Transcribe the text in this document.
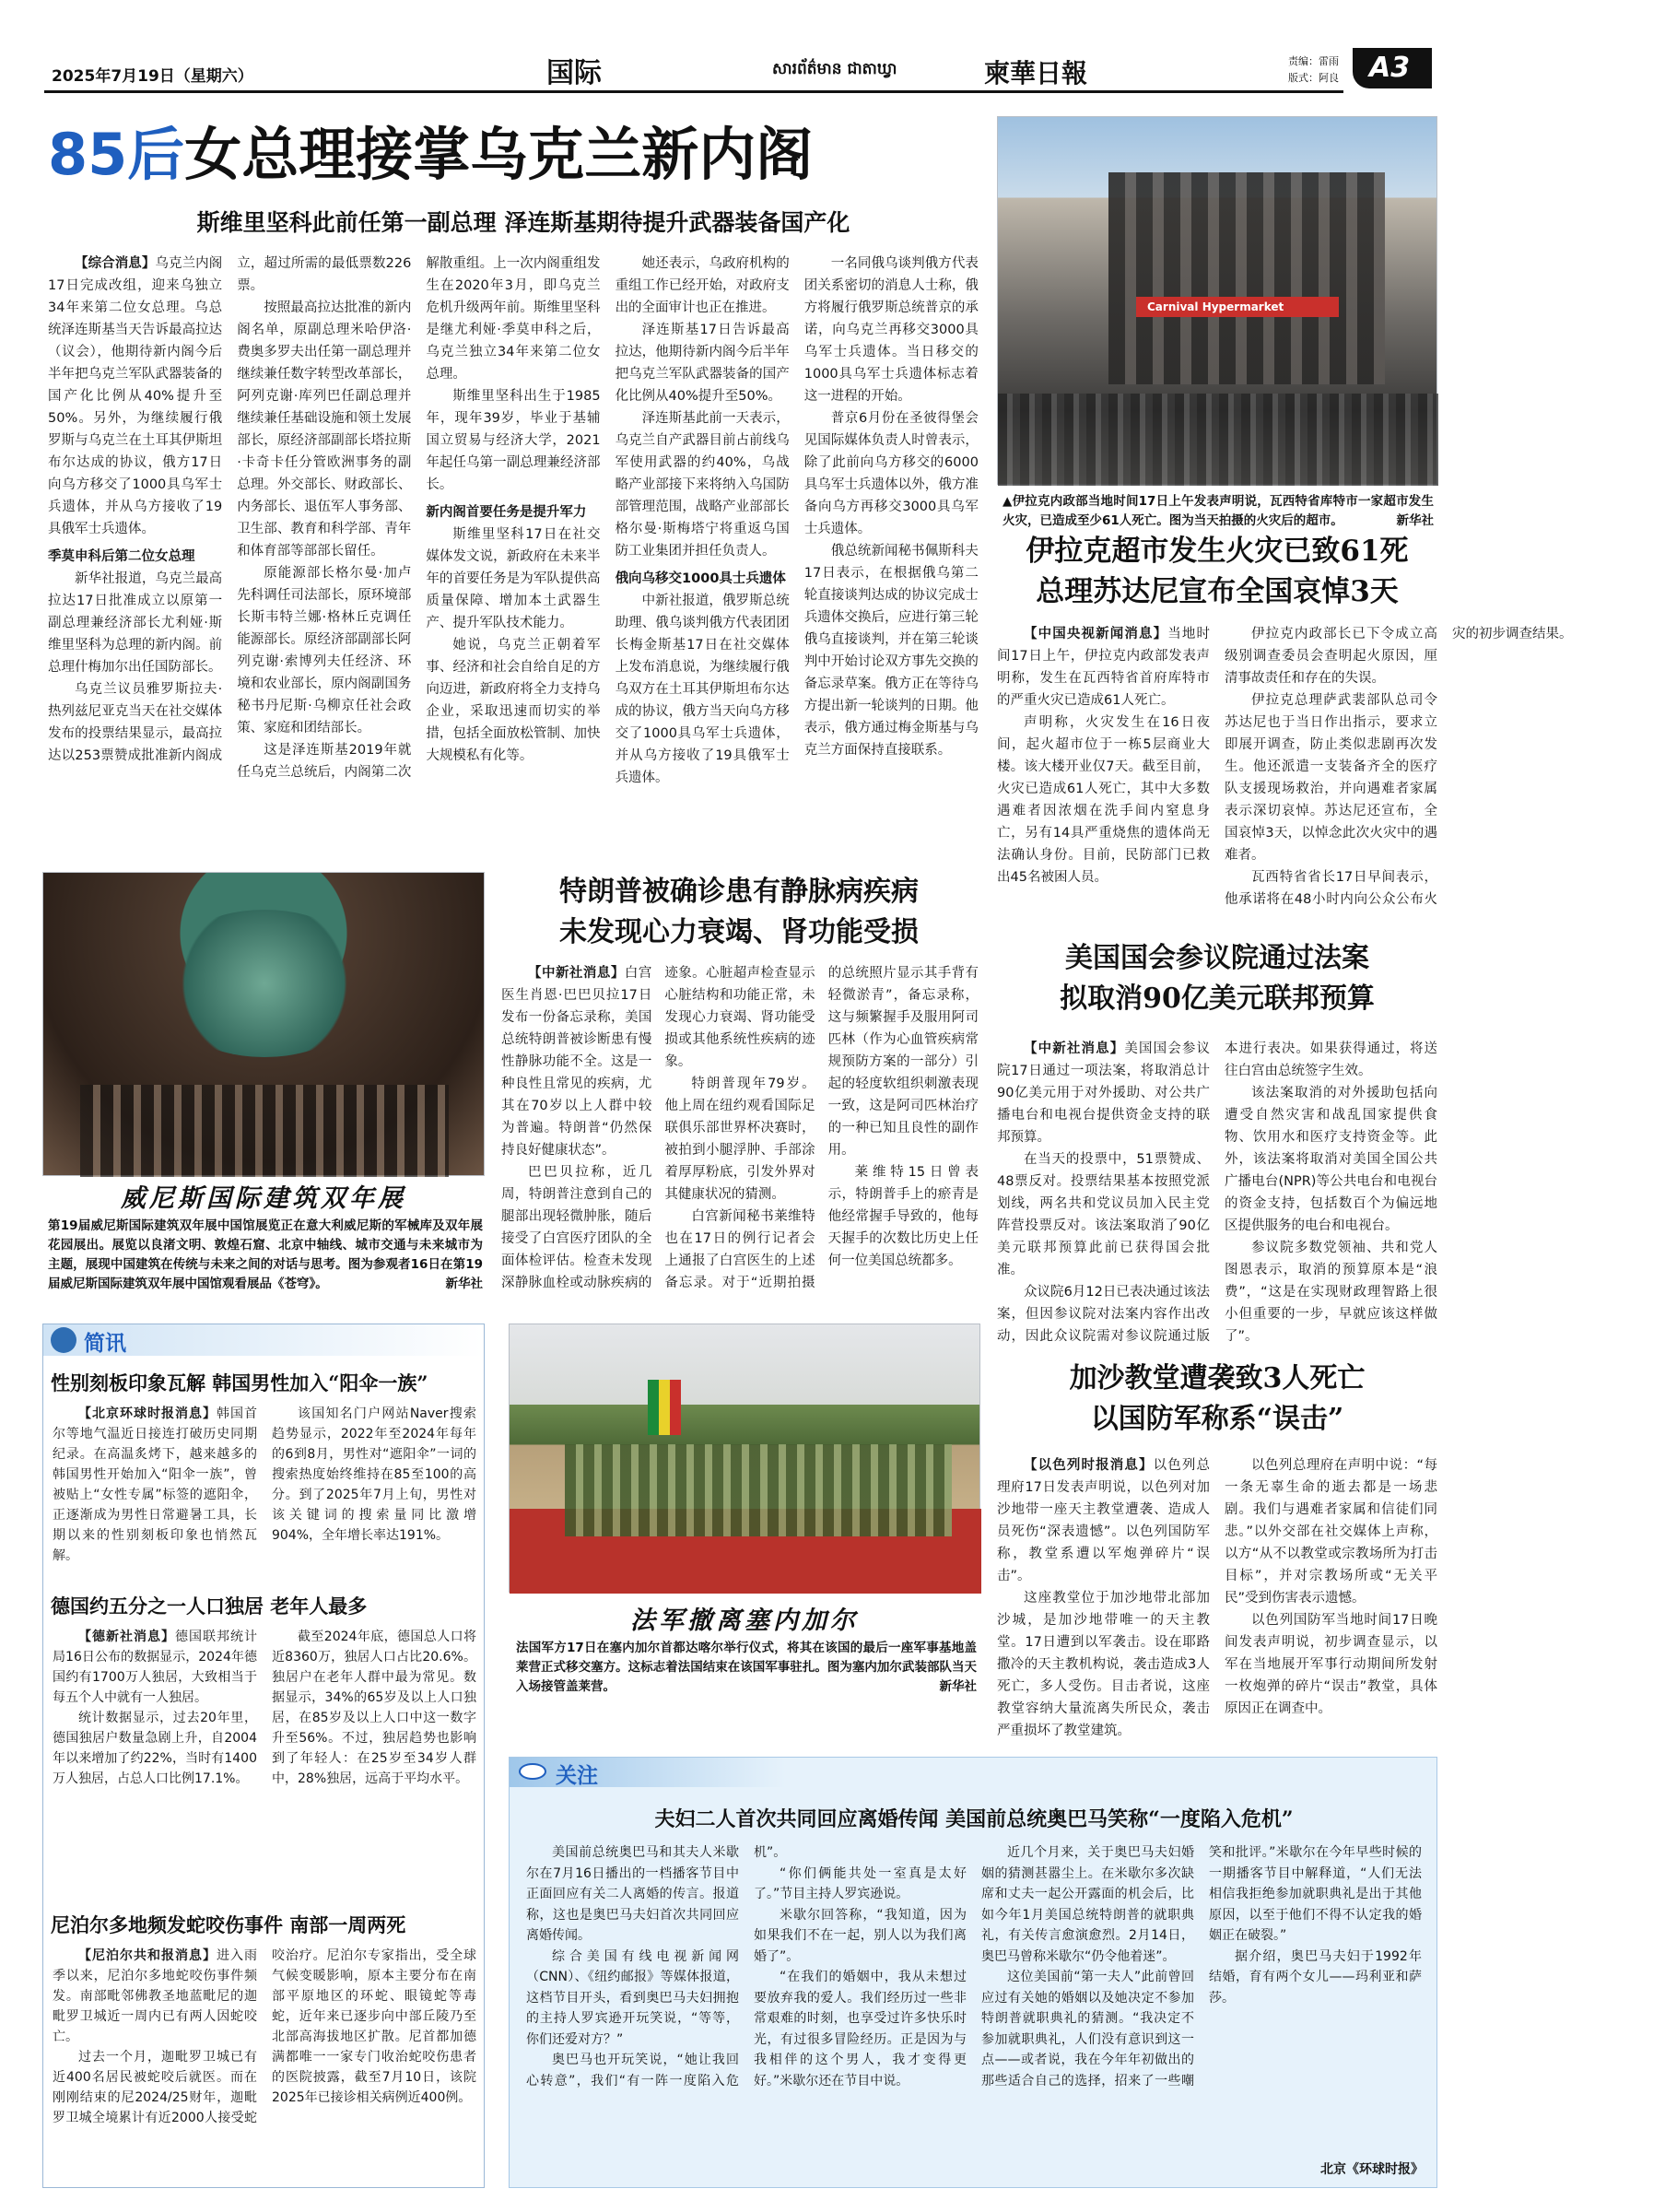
2025年7月19日（星期六）	国际	សារព័ត៌មាន ជាតាឃ្វា	柬華日報	责编：雷雨
版式：阿良 A3
85后女总理接掌乌克兰新内阁
斯维里坚科此前任第一副总理 泽连斯基期待提升武器装备国产化

【综合消息】乌克兰内阁17日完成改组，迎来乌独立34年来第二位女总理。乌总统泽连斯基当天告诉最高拉达（议会），他期待新内阁今后半年把乌克兰军队武器装备的国产化比例从40%提升至50%。另外，为继续履行俄罗斯与乌克兰在土耳其伊斯坦布尔达成的协议，俄方17日向乌方移交了1000具乌军士兵遗体，并从乌方接收了19具俄军士兵遗体。

季莫申科后第二位女总理

新华社报道，乌克兰最高拉达17日批准成立以原第一副总理兼经济部长尤利娅·斯维里坚科为总理的新内阁。前总理什梅加尔出任国防部长。

乌克兰议员雅罗斯拉夫·热列兹尼亚克当天在社交媒体发布的投票结果显示，最高拉达以253票赞成批准新内阁成立，超过所需的最低票数226票。

按照最高拉达批准的新内阁名单，原副总理米哈伊洛·费奥多罗夫出任第一副总理并继续兼任数字转型改革部长，阿列克谢·库列巴任副总理并继续兼任基础设施和领土发展部长，原经济部副部长塔拉斯·卡奇卡任分管欧洲事务的副总理。外交部长、财政部长、内务部长、退伍军人事务部、卫生部、教育和科学部、青年和体育部等部部长留任。

原能源部长格尔曼·加卢先科调任司法部长，原环境部长斯韦特兰娜·格林丘克调任能源部长。原经济部副部长阿列克谢·索博列夫任经济、环境和农业部长，原内阁副国务秘书丹尼斯·乌柳京任社会政策、家庭和团结部长。

这是泽连斯基2019年就任乌克兰总统后，内阁第二次解散重组。上一次内阁重组发生在2020年3月，即乌克兰危机升级两年前。斯维里坚科是继尤利娅·季莫申科之后，乌克兰独立34年来第二位女总理。

斯维里坚科出生于1985年，现年39岁，毕业于基辅国立贸易与经济大学，2021年起任乌第一副总理兼经济部长。

新内阁首要任务是提升军力

斯维里坚科17日在社交媒体发文说，新政府在未来半年的首要任务是为军队提供高质量保障、增加本土武器生产、提升军队技术能力。

她说，乌克兰正朝着军事、经济和社会自给自足的方向迈进，新政府将全力支持乌企业，采取迅速而切实的举措，包括全面放松管制、加快大规模私有化等。

她还表示，乌政府机构的重组工作已经开始，对政府支出的全面审计也正在推进。

泽连斯基17日告诉最高拉达，他期待新内阁今后半年把乌克兰军队武器装备的国产化比例从40%提升至50%。

泽连斯基此前一天表示，乌克兰自产武器目前占前线乌军使用武器的约40%，乌战略产业部接下来将纳入乌国防部管理范围，战略产业部部长格尔曼·斯梅塔宁将重返乌国防工业集团并担任负责人。

俄向乌移交1000具士兵遗体

中新社报道，俄罗斯总统助理、俄乌谈判俄方代表团团长梅金斯基17日在社交媒体上发布消息说，为继续履行俄乌双方在土耳其伊斯坦布尔达成的协议，俄方当天向乌方移交了1000具乌军士兵遗体，并从乌方接收了19具俄军士兵遗体。

一名同俄乌谈判俄方代表团关系密切的消息人士称，俄方将履行俄罗斯总统普京的承诺，向乌克兰再移交3000具乌军士兵遗体。当日移交的1000具乌军士兵遗体标志着这一进程的开始。

普京6月份在圣彼得堡会见国际媒体负责人时曾表示，除了此前向乌方移交的6000具乌军士兵遗体以外，俄方准备向乌方再移交3000具乌军士兵遗体。

俄总统新闻秘书佩斯科夫17日表示，在根据俄乌第二轮直接谈判达成的协议完成士兵遗体交换后，应进行第三轮俄乌直接谈判，并在第三轮谈判中开始讨论双方事先交换的备忘录草案。俄方正在等待乌方提出新一轮谈判的日期。他表示，俄方通过梅金斯基与乌克兰方面保持直接联系。

Carnival Hypermarket
▲伊拉克内政部当地时间17日上午发表声明说，瓦西特省库特市一家超市发生火灾，已造成至少61人死亡。图为当天拍摄的火灾后的超市。	新华社
伊拉克超市发生火灾已致61死
总理苏达尼宣布全国哀悼3天

【中国央视新闻消息】当地时间17日上午，伊拉克内政部发表声明称，发生在瓦西特省首府库特市的严重火灾已造成61人死亡。

声明称，火灾发生在16日夜间，起火超市位于一栋5层商业大楼。该大楼开业仅7天。截至目前，火灾已造成61人死亡，其中大多数遇难者因浓烟在洗手间内窒息身亡，另有14具严重烧焦的遗体尚无法确认身份。目前，民防部门已救出45名被困人员。

伊拉克内政部长已下令成立高级别调查委员会查明起火原因，厘清事故责任和存在的失误。

伊拉克总理萨武裴部队总司令苏达尼也于当日作出指示，要求立即展开调查，防止类似悲剧再次发生。他还派遣一支装备齐全的医疗队支援现场救治，并向遇难者家属表示深切哀悼。苏达尼还宣布，全国哀悼3天，以悼念此次火灾中的遇难者。

瓦西特省省长17日早间表示，他承诺将在48小时内向公众公布火灾的初步调查结果。

威尼斯国际建筑双年展
第19届威尼斯国际建筑双年展中国馆展览正在意大利威尼斯的军械库及双年展花园展出。展览以良渚文明、敦煌石窟、北京中轴线、城市交通与未来城市为主题，展现中国建筑在传统与未来之间的对话与思考。图为参观者16日在第19届威尼斯国际建筑双年展中国馆观看展品《苍穹》。	新华社
特朗普被确诊患有静脉病疾病
未发现心力衰竭、肾功能受损

【中新社消息】白宫医生肖恩·巴巴贝拉17日发布一份备忘录称，美国总统特朗普被诊断患有慢性静脉功能不全。这是一种良性且常见的疾病，尤其在70岁以上人群中较为普遍。特朗普“仍然保持良好健康状态”。

巴巴贝拉称，近几周，特朗普注意到自己的腿部出现轻微肿胀，随后接受了白宫医疗团队的全面体检评估。检查未发现深静脉血栓或动脉疾病的迹象。心脏超声检查显示心脏结构和功能正常，未发现心力衰竭、肾功能受损或其他系统性疾病的迹象。

特朗普现年79岁。他上周在纽约观看国际足联俱乐部世界杯决赛时，被拍到小腿浮肿、手部涂着厚厚粉底，引发外界对其健康状况的猜测。

白宫新闻秘书莱维特也在17日的例行记者会上通报了白宫医生的上述备忘录。对于“近期拍摄的总统照片显示其手背有轻微淤青”，备忘录称，这与频繁握手及服用阿司匹林（作为心血管疾病常规预防方案的一部分）引起的轻度软组织刺激表现一致，这是阿司匹林治疗的一种已知且良性的副作用。

莱维特15日曾表示，特朗普手上的瘀青是他经常握手导致的，他每天握手的次数比历史上任何一位美国总统都多。

美国国会参议院通过法案
拟取消90亿美元联邦预算

【中新社消息】美国国会参议院17日通过一项法案，将取消总计90亿美元用于对外援助、对公共广播电台和电视台提供资金支持的联邦预算。

在当天的投票中，51票赞成、48票反对。投票结果基本按照党派划线，两名共和党议员加入民主党阵营投票反对。该法案取消了90亿美元联邦预算此前已获得国会批准。

众议院6月12日已表决通过该法案，但因参议院对法案内容作出改动，因此众议院需对参议院通过版本进行表决。如果获得通过，将送往白宫由总统签字生效。

该法案取消的对外援助包括向遭受自然灾害和战乱国家提供食物、饮用水和医疗支持资金等。此外，该法案将取消对美国全国公共广播电台(NPR)等公共电台和电视台的资金支持，包括数百个为偏远地区提供服务的电台和电视台。

参议院多数党领袖、共和党人图恩表示，取消的预算原本是“浪费”，“这是在实现财政理智路上很小但重要的一步，早就应该这样做了”。

简讯
性别刻板印象瓦解 韩国男性加入“阳伞一族”

【北京环球时报消息】韩国首尔等地气温近日接连打破历史同期纪录。在高温炙烤下，越来越多的韩国男性开始加入“阳伞一族”，曾被贴上“女性专属”标签的遮阳伞，正逐渐成为男性日常避暑工具，长期以来的性别刻板印象也悄然瓦解。

该国知名门户网站Naver搜索趋势显示，2022年至2024年每年的6到8月，男性对“遮阳伞”一词的搜索热度始终维持在85至100的高分。到了2025年7月上旬，男性对该关键词的搜索量同比激增904%，全年增长率达191%。

德国约五分之一人口独居 老年人最多

【德新社消息】德国联邦统计局16日公布的数据显示，2024年德国约有1700万人独居，大致相当于每五个人中就有一人独居。

统计数据显示，过去20年里，德国独居户数量急剧上升，自2004年以来增加了约22%，当时有1400万人独居，占总人口比例17.1%。

截至2024年底，德国总人口将近8360万，独居人口占比20.6%。独居户在老年人群中最为常见。数据显示，34%的65岁及以上人口独居，在85岁及以上人口中这一数字升至56%。不过，独居趋势也影响到了年轻人：在25岁至34岁人群中，28%独居，远高于平均水平。

尼泊尔多地频发蛇咬伤事件 南部一周两死

【尼泊尔共和报消息】进入雨季以来，尼泊尔多地蛇咬伤事件频发。南部毗邻佛教圣地蓝毗尼的迦毗罗卫城近一周内已有两人因蛇咬亡。

过去一个月，迦毗罗卫城已有近400名居民被蛇咬后就医。而在刚刚结束的尼2024/25财年，迦毗罗卫城全境累计有近2000人接受蛇咬治疗。尼泊尔专家指出，受全球气候变暖影响，原本主要分布在南部平原地区的环蛇、眼镜蛇等毒蛇，近年来已逐步向中部丘陵乃至北部高海拔地区扩散。尼首都加德满都唯一一家专门收治蛇咬伤患者的医院披露，截至7月10日，该院2025年已接诊相关病例近400例。

法军撤离塞内加尔
法国军方17日在塞内加尔首都达喀尔举行仪式，将其在该国的最后一座军事基地盖莱营正式移交塞方。这标志着法国结束在该国军事驻扎。图为塞内加尔武装部队当天入场接管盖莱营。	新华社
加沙教堂遭袭致3人死亡
以国防军称系“误击”

【以色列时报消息】以色列总理府17日发表声明说，以色列对加沙地带一座天主教堂遭袭、造成人员死伤“深表遗憾”。以色列国防军称，教堂系遭以军炮弹碎片“误击”。

这座教堂位于加沙地带北部加沙城，是加沙地带唯一的天主教堂。17日遭到以军袭击。设在耶路撒冷的天主教机构说，袭击造成3人死亡，多人受伤。目击者说，这座教堂容纳大量流离失所民众，袭击严重损坏了教堂建筑。

以色列总理府在声明中说：“每一条无辜生命的逝去都是一场悲剧。我们与遇难者家属和信徒们同悲。”以外交部在社交媒体上声称，以方“从不以教堂或宗教场所为打击目标”，并对宗教场所或“无关平民”受到伤害表示遗憾。

以色列国防军当地时间17日晚间发表声明说，初步调查显示，以军在当地展开军事行动期间所发射一枚炮弹的碎片“误击”教堂，具体原因正在调查中。

关注
夫妇二人首次共同回应离婚传闻 美国前总统奥巴马笑称“一度陷入危机”

美国前总统奥巴马和其夫人米歇尔在7月16日播出的一档播客节目中正面回应有关二人离婚的传言。报道称，这也是奥巴马夫妇首次共同回应离婚传闻。

综合美国有线电视新闻网（CNN）、《纽约邮报》等媒体报道，这档节目开头，看到奥巴马夫妇拥抱的主持人罗宾逊开玩笑说，“等等，你们还爱对方？”

奥巴马也开玩笑说，“她让我回心转意”，我们“有一阵一度陷入危机”。

“你们俩能共处一室真是太好了。”节目主持人罗宾逊说。

米歇尔回答称，“我知道，因为如果我们不在一起，别人以为我们离婚了”。

“在我们的婚姻中，我从未想过要放弃我的爱人。我们经历过一些非常艰难的时刻，也享受过许多快乐时光，有过很多冒险经历。正是因为与我相伴的这个男人，我才变得更好。”米歇尔还在节目中说。

近几个月来，关于奥巴马夫妇婚姻的猜测甚嚣尘上。在米歇尔多次缺席和丈夫一起公开露面的机会后，比如今年1月美国总统特朗普的就职典礼，有关传言愈演愈烈。2月14日，奥巴马曾称米歇尔“仍令他着迷”。

这位美国前“第一夫人”此前曾回应过有关她的婚姻以及她决定不参加特朗普就职典礼的猜测。“我决定不参加就职典礼，人们没有意识到这一点——或者说，我在今年年初做出的那些适合自己的选择，招来了一些嘲笑和批评。”米歇尔在今年早些时候的一期播客节目中解释道，“人们无法相信我拒绝参加就职典礼是出于其他原因，以至于他们不得不认定我的婚姻正在破裂。”

据介绍，奥巴马夫妇于1992年结婚，育有两个女儿——玛利亚和萨莎。

北京《环球时报》
